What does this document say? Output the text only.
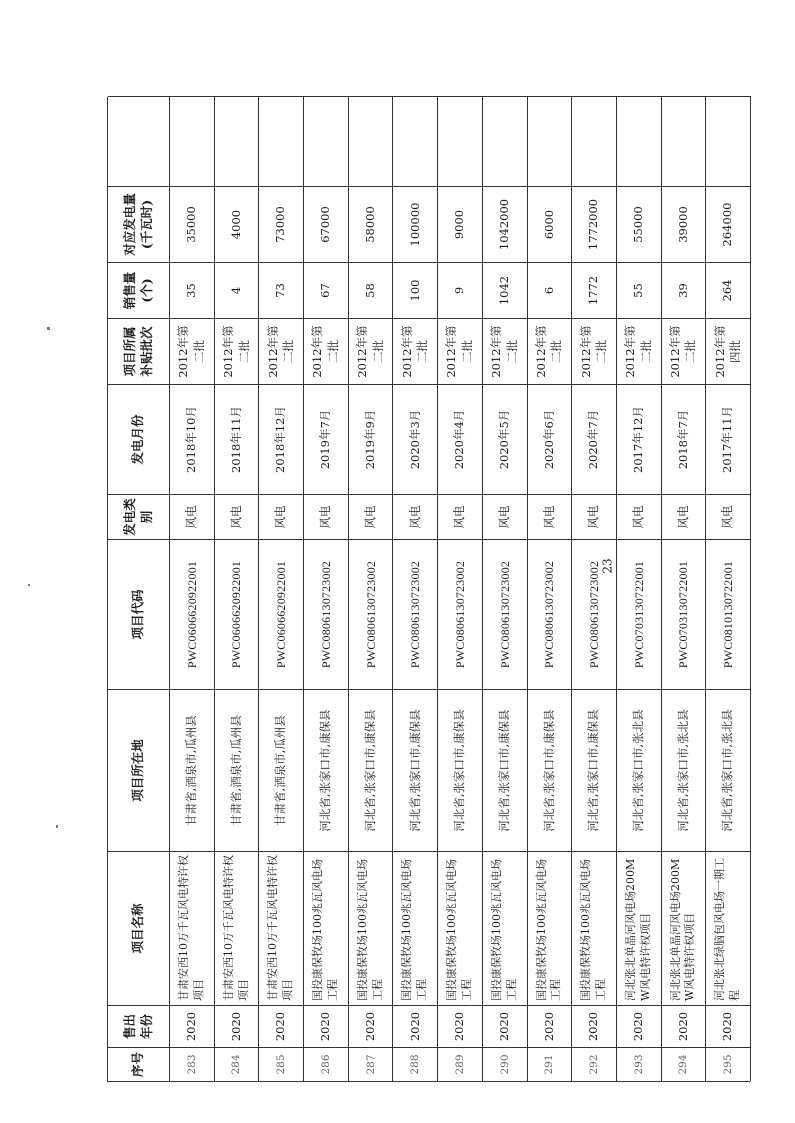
序号
售出年份
项目名称
项目所在地
项目代码
发电类别
发电月份
项目所属补贴批次
销售量(个)
对应发电量(千瓦时)
283
2020
甘肃安西10万千瓦风电特许权项目
甘肃省,酒泉市,瓜州县
PWC0606620922001
风电
2018年10月
2012年第二批
35
35000
284
2020
甘肃安西10万千瓦风电特许权项目
甘肃省,酒泉市,瓜州县
PWC0606620922001
风电
2018年11月
2012年第二批
4
4000
285
2020
甘肃安西10万千瓦风电特许权项目
甘肃省,酒泉市,瓜州县
PWC0606620922001
风电
2018年12月
2012年第二批
73
73000
286
2020
国投康保牧场100兆瓦风电场工程
河北省,张家口市,康保县
PWC0806130723002
风电
2019年7月
2012年第二批
67
67000
287
2020
国投康保牧场100兆瓦风电场工程
河北省,张家口市,康保县
PWC0806130723002
风电
2019年9月
2012年第二批
58
58000
288
2020
国投康保牧场100兆瓦风电场工程
河北省,张家口市,康保县
PWC0806130723002
风电
2020年3月
2012年第二批
100
100000
289
2020
国投康保牧场100兆瓦风电场工程
河北省,张家口市,康保县
PWC0806130723002
风电
2020年4月
2012年第二批
9
9000
290
2020
国投康保牧场100兆瓦风电场工程
河北省,张家口市,康保县
PWC0806130723002
风电
2020年5月
2012年第二批
1042
1042000
291
2020
国投康保牧场100兆瓦风电场工程
河北省,张家口市,康保县
PWC0806130723002
风电
2020年6月
2012年第二批
6
6000
292
2020
国投康保牧场100兆瓦风电场工程
河北省,张家口市,康保县
PWC0806130723002
风电
2020年7月
2012年第二批
1772
1772000
293
2020
河北张北单晶河风电场200MW风电特许权项目
河北省,张家口市,张北县
PWC0703130722001
风电
2017年12月
2012年第二批
55
55000
294
2020
河北张北单晶河风电场200MW风电特许权项目
河北省,张家口市,张北县
PWC0703130722001
风电
2018年7月
2012年第二批
39
39000
295
2020
河北张北绿脑包风电场一期工程
河北省,张家口市,张北县
PWC0810130722001
风电
2017年11月
2012年第四批
264
264000
23
